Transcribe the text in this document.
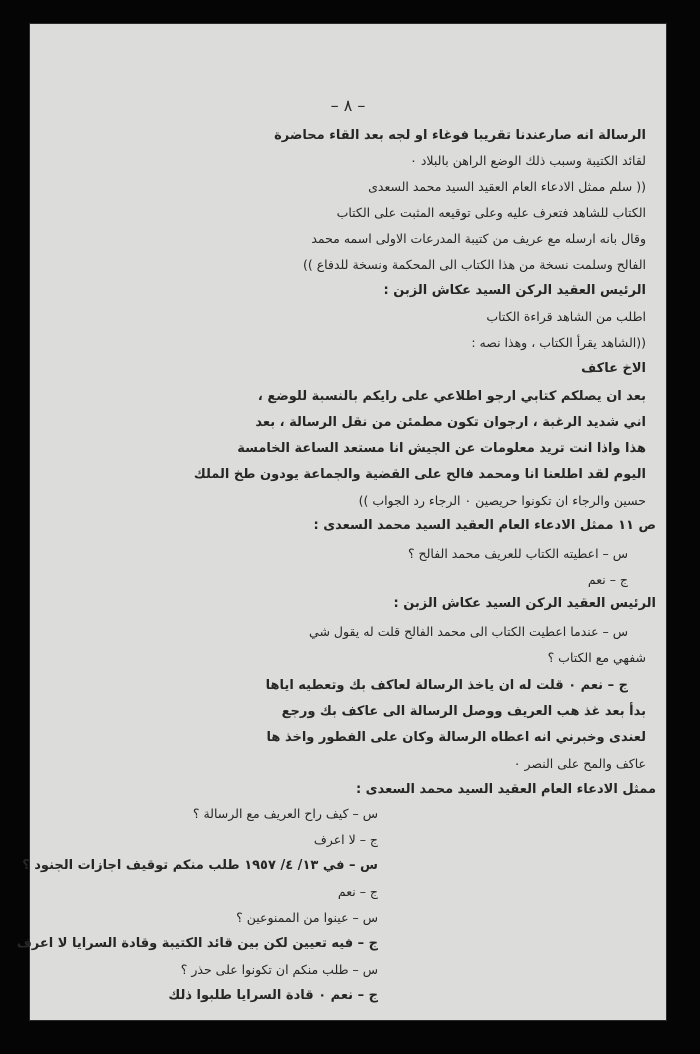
– ٨ –
الرسالة انه صارعندنا تقريبا فوغاء او لجه بعد القاء محاضرة
لقائد الكتيبة وسبب ذلك الوضع الراهن بالبلاد ٠
(( سلم ممثل الادعاء العام العقيد السيد محمد السعدى
الكتاب للشاهد فتعرف عليه وعلى توقيعه المثبت على الكتاب
وقال بانه ارسله مع عريف من كتيبة المدرعات الاولى اسمه محمد
الفالح وسلمت نسخة من هذا الكتاب الى المحكمة ونسخة للدفاع ))
الرئيس العقيد الركن السيد عكاش الزبن :
اطلب من الشاهد قراءة الكتاب
((الشاهد يقرأ الكتاب ، وهذا نصه :
الاخ عاكف
بعد ان يصلكم كتابي ارجو اطلاعي على رايكم بالنسبة للوضع ،
اني شديد الرغبة ، ارجوان تكون مطمئن من نقل الرسالة ، بعد
هذا واذا انت تريد معلومات عن الجيش انا مستعد الساعة الخامسة
اليوم لقد اطلعنا انا ومحمد فالح على القضية والجماعة يودون طخ الملك
حسين والرجاء ان تكونوا حريصين ٠ الرجاء رد الجواب ))
ص ١١ ممثل الادعاء العام العقيد السيد محمد السعدى :
س – اعطيته الكتاب للعريف محمد الفالح ؟
ج – نعم
الرئيس العقيد الركن السيد عكاش الزبن :
س – عندما اعطيت الكتاب الى محمد الفالح قلت له يقول شي
شفهي مع الكتاب ؟
ج – نعم ٠ قلت له ان ياخذ الرسالة لعاكف بك وتعطيه اياها
بدأ بعد غذ هب العريف ووصل الرسالة الى عاكف بك ورجع
لعندى وخبرني انه اعطاه الرسالة وكان على الفطور واخذ ها
عاكف والمح على النصر ٠
ممثل الادعاء العام العقيد السيد محمد السعدى :
س – كيف راح العريف مع الرسالة ؟
ج – لا اعرف
س – في ١٣/ ٤/ ١٩٥٧ طلب منكم توقيف اجازات الجنود ؟
ج – نعم
س – عينوا من الممنوعين ؟
ج – فيه تعيين لكن بين قائد الكتيبة وقادة السرايا لا اعرف
س – طلب منكم ان تكونوا على حذر ؟
ج – نعم ٠ قادة السرايا طلبوا ذلك
